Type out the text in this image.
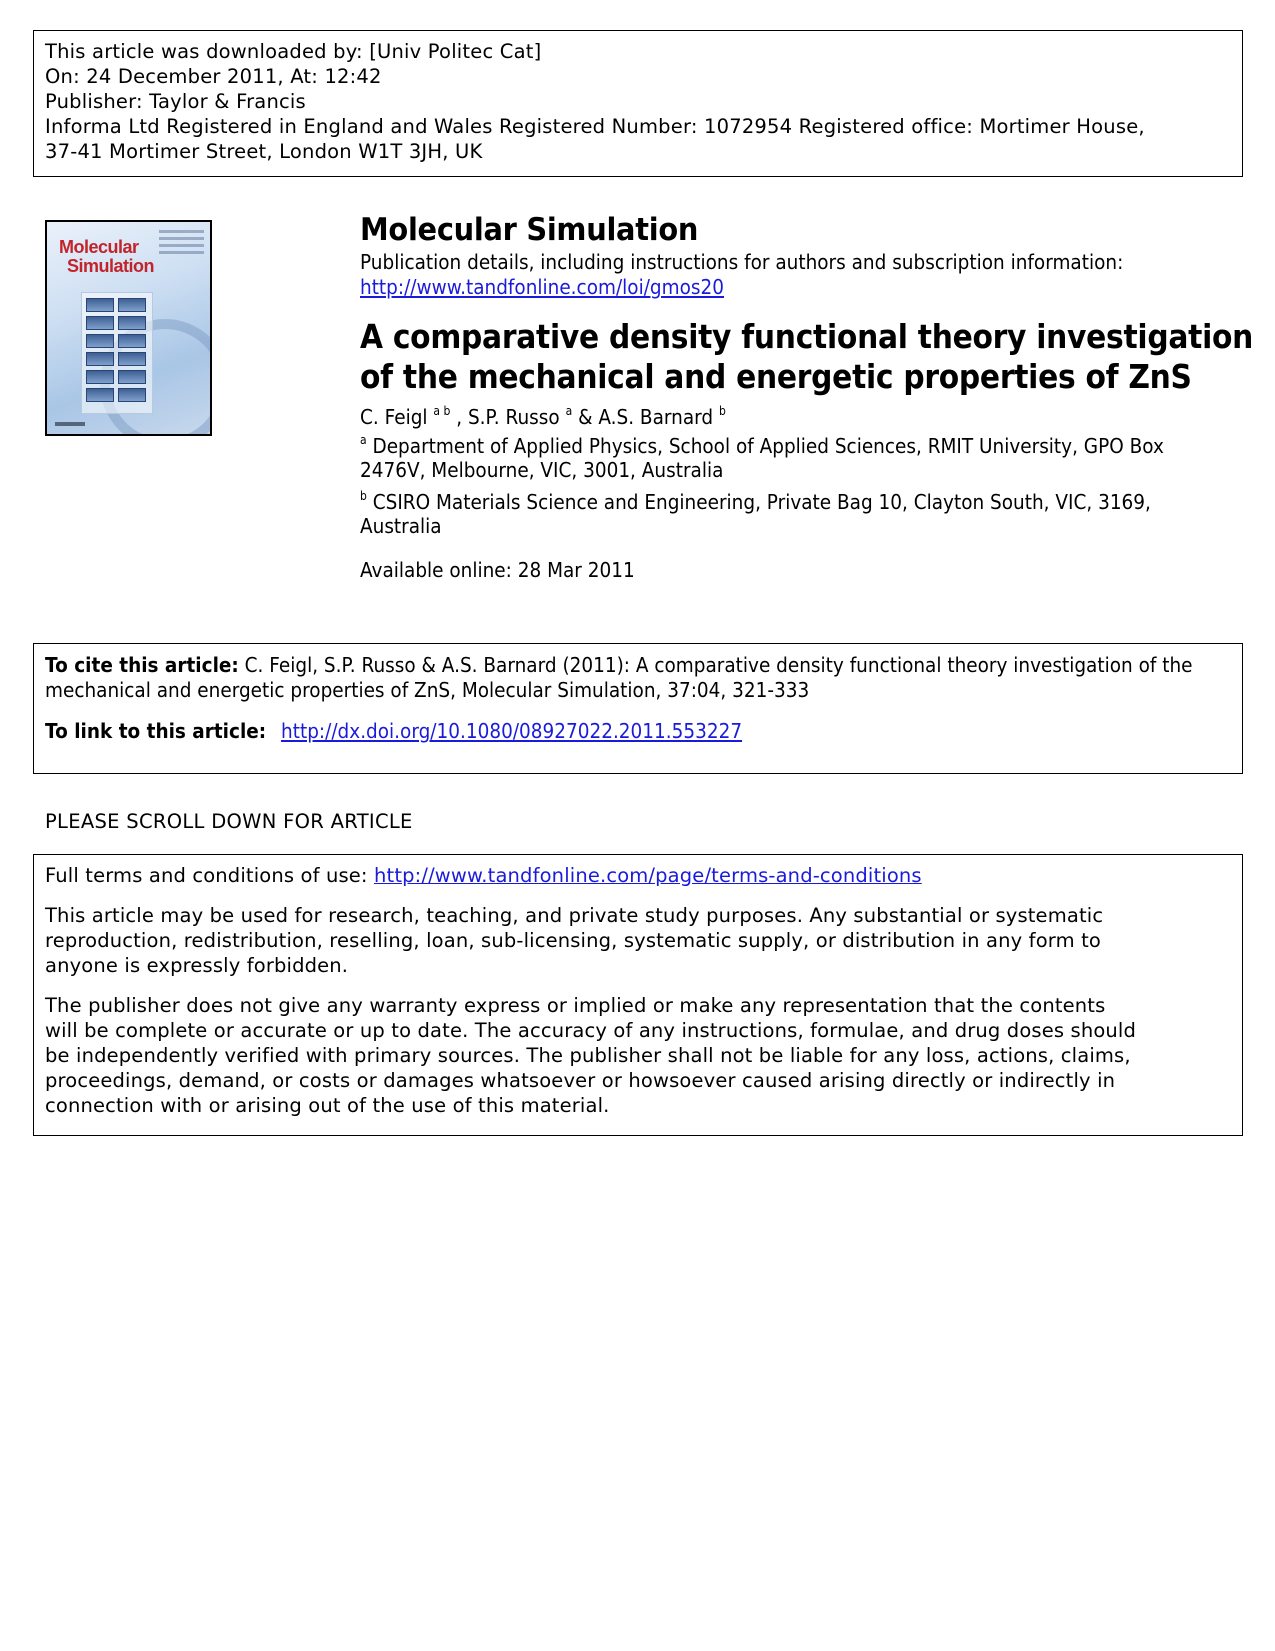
This article was downloaded by: [Univ Politec Cat]
On: 24 December 2011, At: 12:42
Publisher: Taylor & Francis
Informa Ltd Registered in England and Wales Registered Number: 1072954 Registered office: Mortimer House,
37-41 Mortimer Street, London W1T 3JH, UK
Molecular
Simulation
Molecular Simulation
Publication details, including instructions for authors and subscription information:
http://www.tandfonline.com/loi/gmos20
A comparative density functional theory investigation
of the mechanical and energetic properties of ZnS
C. Feigl $^{a b}$ , S.P. Russo $^a$ & A.S. Barnard $^b$
$^a$ Department of Applied Physics, School of Applied Sciences, RMIT University, GPO Box
2476V, Melbourne, VIC, 3001, Australia
$^b$ CSIRO Materials Science and Engineering, Private Bag 10, Clayton South, VIC, 3169,
Australia
Available online: 28 Mar 2011
To cite this article: C. Feigl, S.P. Russo & A.S. Barnard (2011): A comparative density functional theory investigation of the
mechanical and energetic properties of ZnS, Molecular Simulation, 37:04, 321-333
To link to this article: http://dx.doi.org/10.1080/08927022.2011.553227
PLEASE SCROLL DOWN FOR ARTICLE
Full terms and conditions of use: http://www.tandfonline.com/page/terms-and-conditions
This article may be used for research, teaching, and private study purposes. Any substantial or systematic
reproduction, redistribution, reselling, loan, sub-licensing, systematic supply, or distribution in any form to
anyone is expressly forbidden.
The publisher does not give any warranty express or implied or make any representation that the contents
will be complete or accurate or up to date. The accuracy of any instructions, formulae, and drug doses should
be independently verified with primary sources. The publisher shall not be liable for any loss, actions, claims,
proceedings, demand, or costs or damages whatsoever or howsoever caused arising directly or indirectly in
connection with or arising out of the use of this material.
